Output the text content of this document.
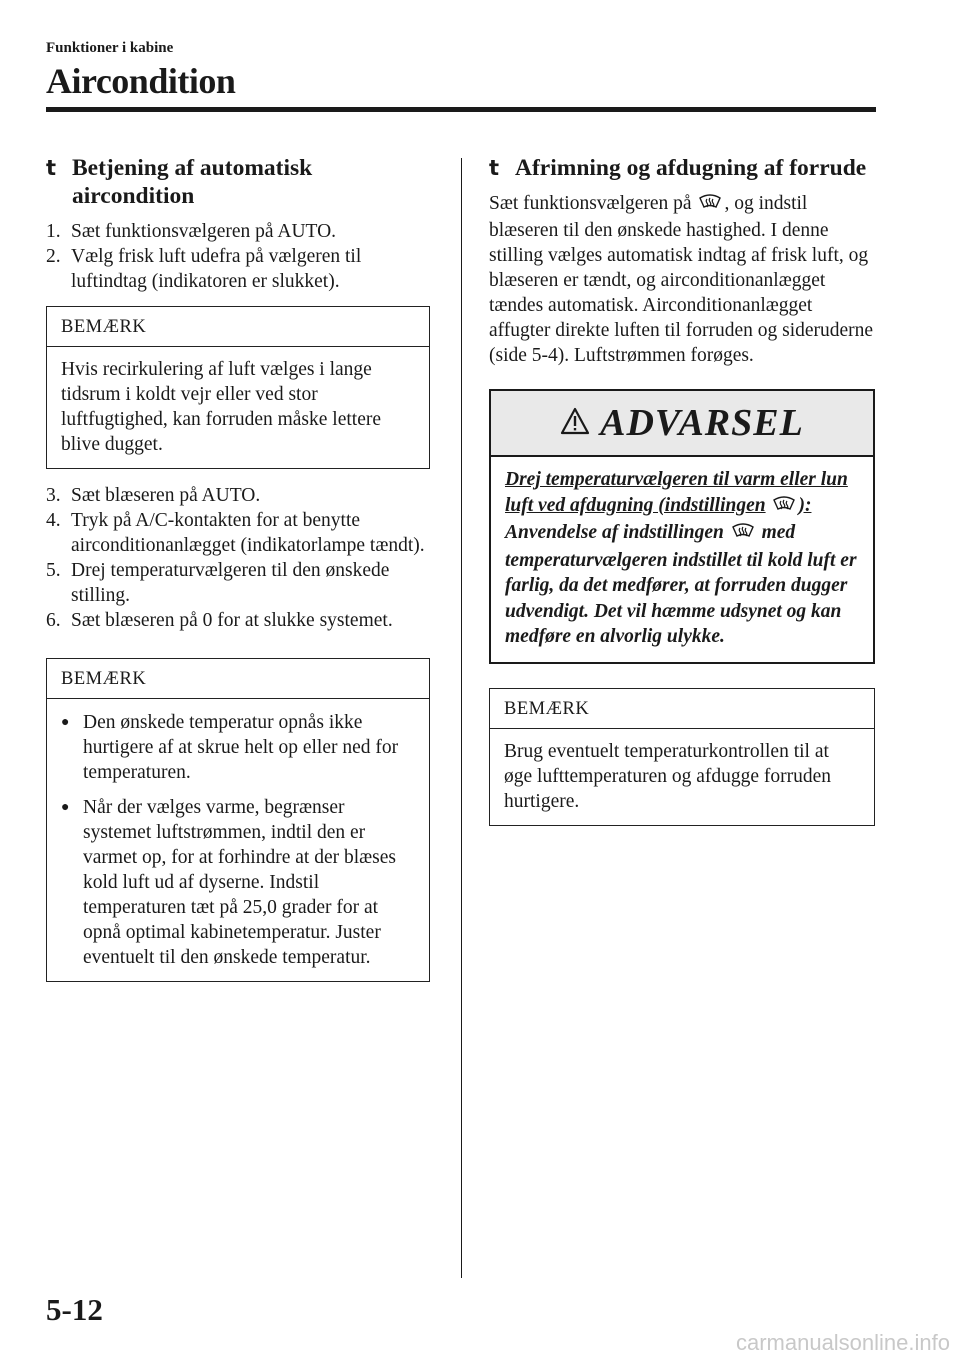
Funktioner i kabine
Aircondition
t Betjening af automatisk aircondition
1. Sæt funktionsvælgeren på AUTO.
2. Vælg frisk luft udefra på vælgeren til luftindtag (indikatoren er slukket).
BEMÆRK
Hvis recirkulering af luft vælges i lange tidsrum i koldt vejr eller ved stor luftfugtighed, kan forruden måske lettere blive dugget.
3. Sæt blæseren på AUTO.
4. Tryk på A/C-kontakten for at benytte airconditionanlægget (indikatorlampe tændt).
5. Drej temperaturvælgeren til den ønskede stilling.
6. Sæt blæseren på 0 for at slukke systemet.
BEMÆRK
● Den ønskede temperatur opnås ikke hurtigere af at skrue helt op eller ned for temperaturen.
● Når der vælges varme, begrænser systemet luftstrømmen, indtil den er varmet op, for at forhindre at der blæses kold luft ud af dyserne. Indstil temperaturen tæt på 25,0 grader for at opnå optimal kabinetemperatur. Juster eventuelt til den ønskede temperatur.
t Afrimning og afdugning af forrude

Sæt funktionsvælgeren på , og indstil blæseren til den ønskede hastighed. I denne stilling vælges automatisk indtag af frisk luft, og blæseren er tændt, og airconditionanlægget tændes automatisk. Airconditionanlægget affugter direkte luften til forruden og sideruderne (side 5-4). Luftstrømmen forøges.

ADVARSEL
Drej temperaturvælgeren til varm eller lun luft ved afdugning (indstillingen ):
Anvendelse af indstillingen med temperaturvælgeren indstillet til kold luft er farlig, da det medfører, at forruden dugger udvendigt. Det vil hæmme udsynet og kan medføre en alvorlig ulykke.
BEMÆRK
Brug eventuelt temperaturkontrollen til at øge lufttemperaturen og afdugge forruden hurtigere.
5-12
carmanualsonline.info
